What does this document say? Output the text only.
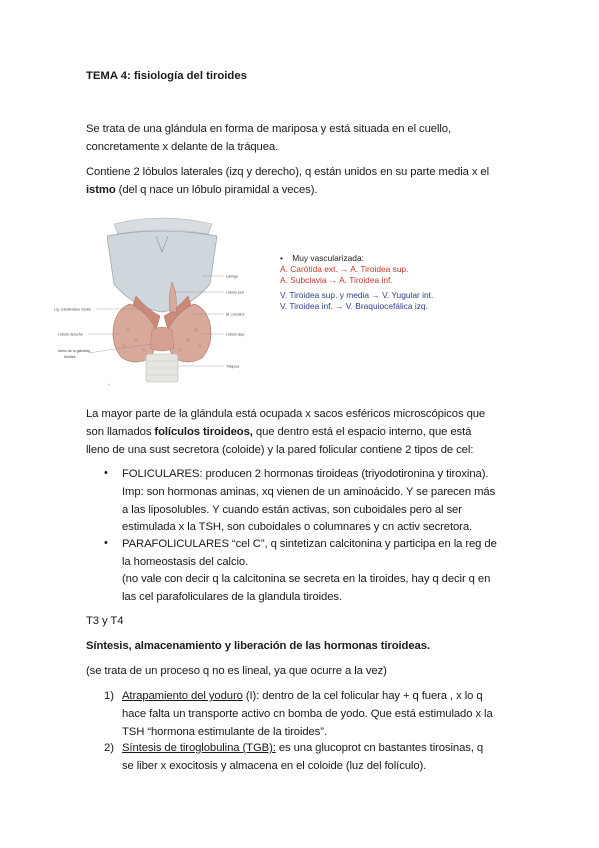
TEMA 4: fisiología del tiroides
Se trata de una glándula en forma de mariposa y está situada en el cuello,
concretamente x delante de la tráquea.
Contiene 2 lóbulos laterales (izq y derecho), q están unidos en su parte media x el
istmo (del q nace un lóbulo piramidal a veces).
Laringe
Lóbulo pira
Lig. cricotiroideo medio
M. cricotiroi
Lóbulo derecho	Lóbulo izqu
Istmo de la glándula
tiroides
Tráquea
*
• Muy vascularizada:
A. Carótida ext. → A. Tiroidea sup.
A. Subclavia → A. Tiroidea inf.
V. Tiroidea sup. y media → V. Yugular int.
V. Tiroidea inf. → V. Braquiocefálica izq.
La mayor parte de la glándula está ocupada x sacos esféricos microscópicos que
son llamados folículos tiroideos, que dentro está el espacio interno, que está
lleno de una sust secretora (coloide) y la pared folicular contiene 2 tipos de cel:
• FOLICULARES: producen 2 hormonas tiroideas (triyodotironina y tiroxina).
Imp: son hormonas aminas, xq vienen de un aminoácido. Y se parecen más
a las liposolubles. Y cuando están activas, son cuboidales pero al ser
estimulada x la TSH, son cuboidales o columnares y cn activ secretora.
• PARAFOLICULARES “cel C”, q sintetizan calcitonina y participa en la reg de
la homeostasis del calcio.
(no vale con decir q la calcitonina se secreta en la tiroides, hay q decir q en
las cel parafoliculares de la glandula tiroides.
T3 y T4
Síntesis, almacenamiento y liberación de las hormonas tiroideas.
(se trata de un proceso q no es lineal, ya que ocurre a la vez)
1) Atrapamiento del yoduro (I): dentro de la cel folicular hay + q fuera , x lo q
hace falta un transporte activo cn bomba de yodo. Que está estimulado x la
TSH “hormona estimulante de la tiroides”.
2) Síntesis de tiroglobulina (TGB): es una glucoprot cn bastantes tirosinas, q
se liber x exocitosis y almacena en el coloide (luz del folículo).
